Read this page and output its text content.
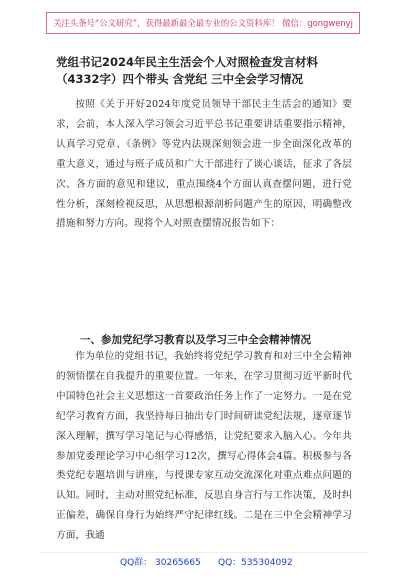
关注头条号“公文研究”，获得最新最全最专业的公文资料库！ 微信：gongwenyj
党组书记2024年民主生活会个人对照检查发言材料（4332字）四个带头 含党纪 三中全会学习情况
按照《关于开好2024年度党员领导干部民主生活会的通知》要求，会前，本人深入学习领会习近平总书记重要讲话重要指示精神，认真学习党章、《条例》等党内法规深刻领会进一步全面深化改革的重大意义，通过与班子成员和广大干部进行了谈心谈话，征求了各层次、各方面的意见和建议，重点围绕4个方面认真查摆问题，进行党性分析，深刻检视反思，从思想根源剖析问题产生的原因，明确整改措施和努力方向。现将个人对照查摆情况报告如下：
一、参加党纪学习教育以及学习三中全会精神情况
作为单位的党组书记，我始终将党纪学习教育和对三中全会精神的领悟摆在自我提升的重要位置。一年来，在学习贯彻习近平新时代中国特色社会主义思想这一首要政治任务上作了一定努力。一是在党纪学习教育方面，我坚持每日抽出专门时间研读党纪法规，逐章逐节深入理解，撰写学习笔记与心得感悟，让党纪要求入脑入心。今年共参加党委理论学习中心组学习12次，撰写心得体会4篇。积极参与各类党纪专题培训与讲座，与授课专家互动交流深化对重点难点问题的认知。同时，主动对照党纪标准，反思自身言行与工作决策，及时纠正偏差，确保自身行为始终严守纪律红线。二是在三中全会精神学习方面，我通
QQ群： 30265665 QQ：535304092
